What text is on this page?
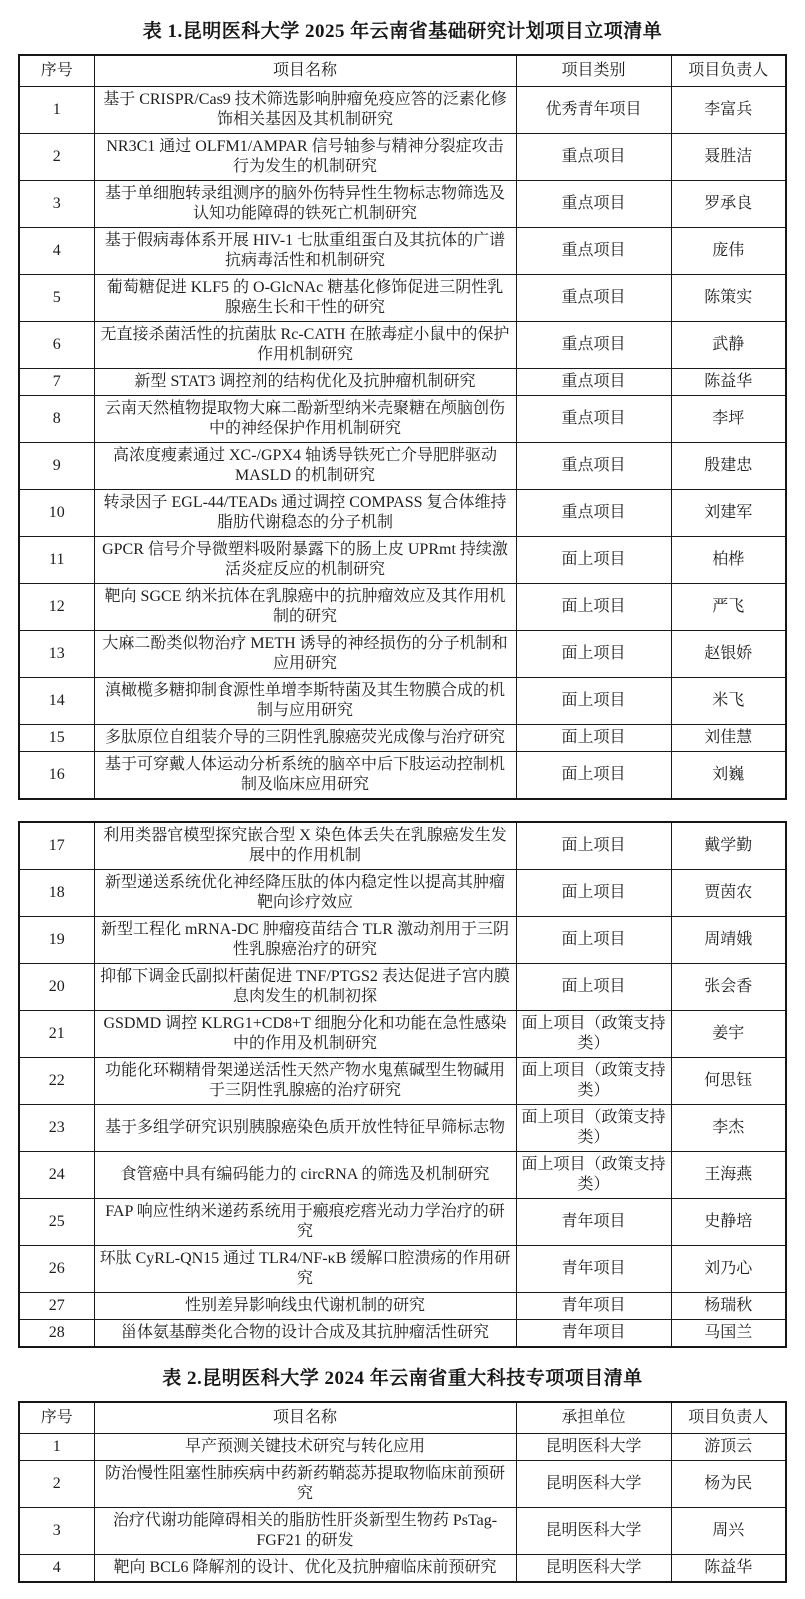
表 1.昆明医科大学 2025 年云南省基础研究计划项目立项清单
序号	项目名称	项目类别	项目负责人
1	基于 CRISPR/Cas9 技术筛选影响肿瘤免疫应答的泛素化修饰相关基因及其机制研究	优秀青年项目	李富兵
2	NR3C1 通过 OLFM1/AMPAR 信号轴参与精神分裂症攻击行为发生的机制研究	重点项目	聂胜洁
3	基于单细胞转录组测序的脑外伤特异性生物标志物筛选及认知功能障碍的铁死亡机制研究	重点项目	罗承良
4	基于假病毒体系开展 HIV-1 七肽重组蛋白及其抗体的广谱抗病毒活性和机制研究	重点项目	庞伟
5	葡萄糖促进 KLF5 的 O-GlcNAc 糖基化修饰促进三阴性乳腺癌生长和干性的研究	重点项目	陈策实
6	无直接杀菌活性的抗菌肽 Rc-CATH 在脓毒症小鼠中的保护作用机制研究	重点项目	武静
7	新型 STAT3 调控剂的结构优化及抗肿瘤机制研究	重点项目	陈益华
8	云南天然植物提取物大麻二酚新型纳米壳聚糖在颅脑创伤中的神经保护作用机制研究	重点项目	李坪
9	高浓度瘦素通过 XC-/GPX4 轴诱导铁死亡介导肥胖驱动 MASLD 的机制研究	重点项目	殷建忠
10	转录因子 EGL-44/TEADs 通过调控 COMPASS 复合体维持脂肪代谢稳态的分子机制	重点项目	刘建军
11	GPCR 信号介导微塑料吸附暴露下的肠上皮 UPRmt 持续激活炎症反应的机制研究	面上项目	柏桦
12	靶向 SGCE 纳米抗体在乳腺癌中的抗肿瘤效应及其作用机制的研究	面上项目	严飞
13	大麻二酚类似物治疗 METH 诱导的神经损伤的分子机制和应用研究	面上项目	赵银娇
14	滇橄榄多糖抑制食源性单增李斯特菌及其生物膜合成的机制与应用研究	面上项目	米飞
15	多肽原位自组装介导的三阴性乳腺癌荧光成像与治疗研究	面上项目	刘佳慧
16	基于可穿戴人体运动分析系统的脑卒中后下肢运动控制机制及临床应用研究	面上项目	刘巍
17	利用类器官模型探究嵌合型 X 染色体丢失在乳腺癌发生发展中的作用机制	面上项目	戴学勤
18	新型递送系统优化神经降压肽的体内稳定性以提高其肿瘤靶向诊疗效应	面上项目	贾茵农
19	新型工程化 mRNA-DC 肿瘤疫苗结合 TLR 激动剂用于三阴性乳腺癌治疗的研究	面上项目	周靖娥
20	抑郁下调金氏副拟杆菌促进 TNF/PTGS2 表达促进子宫内膜息肉发生的机制初探	面上项目	张会香
21	GSDMD 调控 KLRG1+CD8+T 细胞分化和功能在急性感染中的作用及机制研究	面上项目（政策支持类）	姜宇
22	功能化环糊精骨架递送活性天然产物水鬼蕉碱型生物碱用于三阴性乳腺癌的治疗研究	面上项目（政策支持类）	何思钰
23	基于多组学研究识别胰腺癌染色质开放性特征早筛标志物	面上项目（政策支持类）	李杰
24	食管癌中具有编码能力的 circRNA 的筛选及机制研究	面上项目（政策支持类）	王海燕
25	FAP 响应性纳米递药系统用于瘢痕疙瘩光动力学治疗的研究	青年项目	史静培
26	环肽 CyRL-QN15 通过 TLR4/NF-κB 缓解口腔溃疡的作用研究	青年项目	刘乃心
27	性别差异影响线虫代谢机制的研究	青年项目	杨瑞秋
28	甾体氨基醇类化合物的设计合成及其抗肿瘤活性研究	青年项目	马国兰
表 2.昆明医科大学 2024 年云南省重大科技专项项目清单
序号	项目名称	承担单位	项目负责人
1	早产预测关键技术研究与转化应用	昆明医科大学	游顶云
2	防治慢性阻塞性肺疾病中药新药鞘蕊苏提取物临床前预研究	昆明医科大学	杨为民
3	治疗代谢功能障碍相关的脂肪性肝炎新型生物药 PsTag-FGF21 的研发	昆明医科大学	周兴
4	靶向 BCL6 降解剂的设计、优化及抗肿瘤临床前预研究	昆明医科大学	陈益华
